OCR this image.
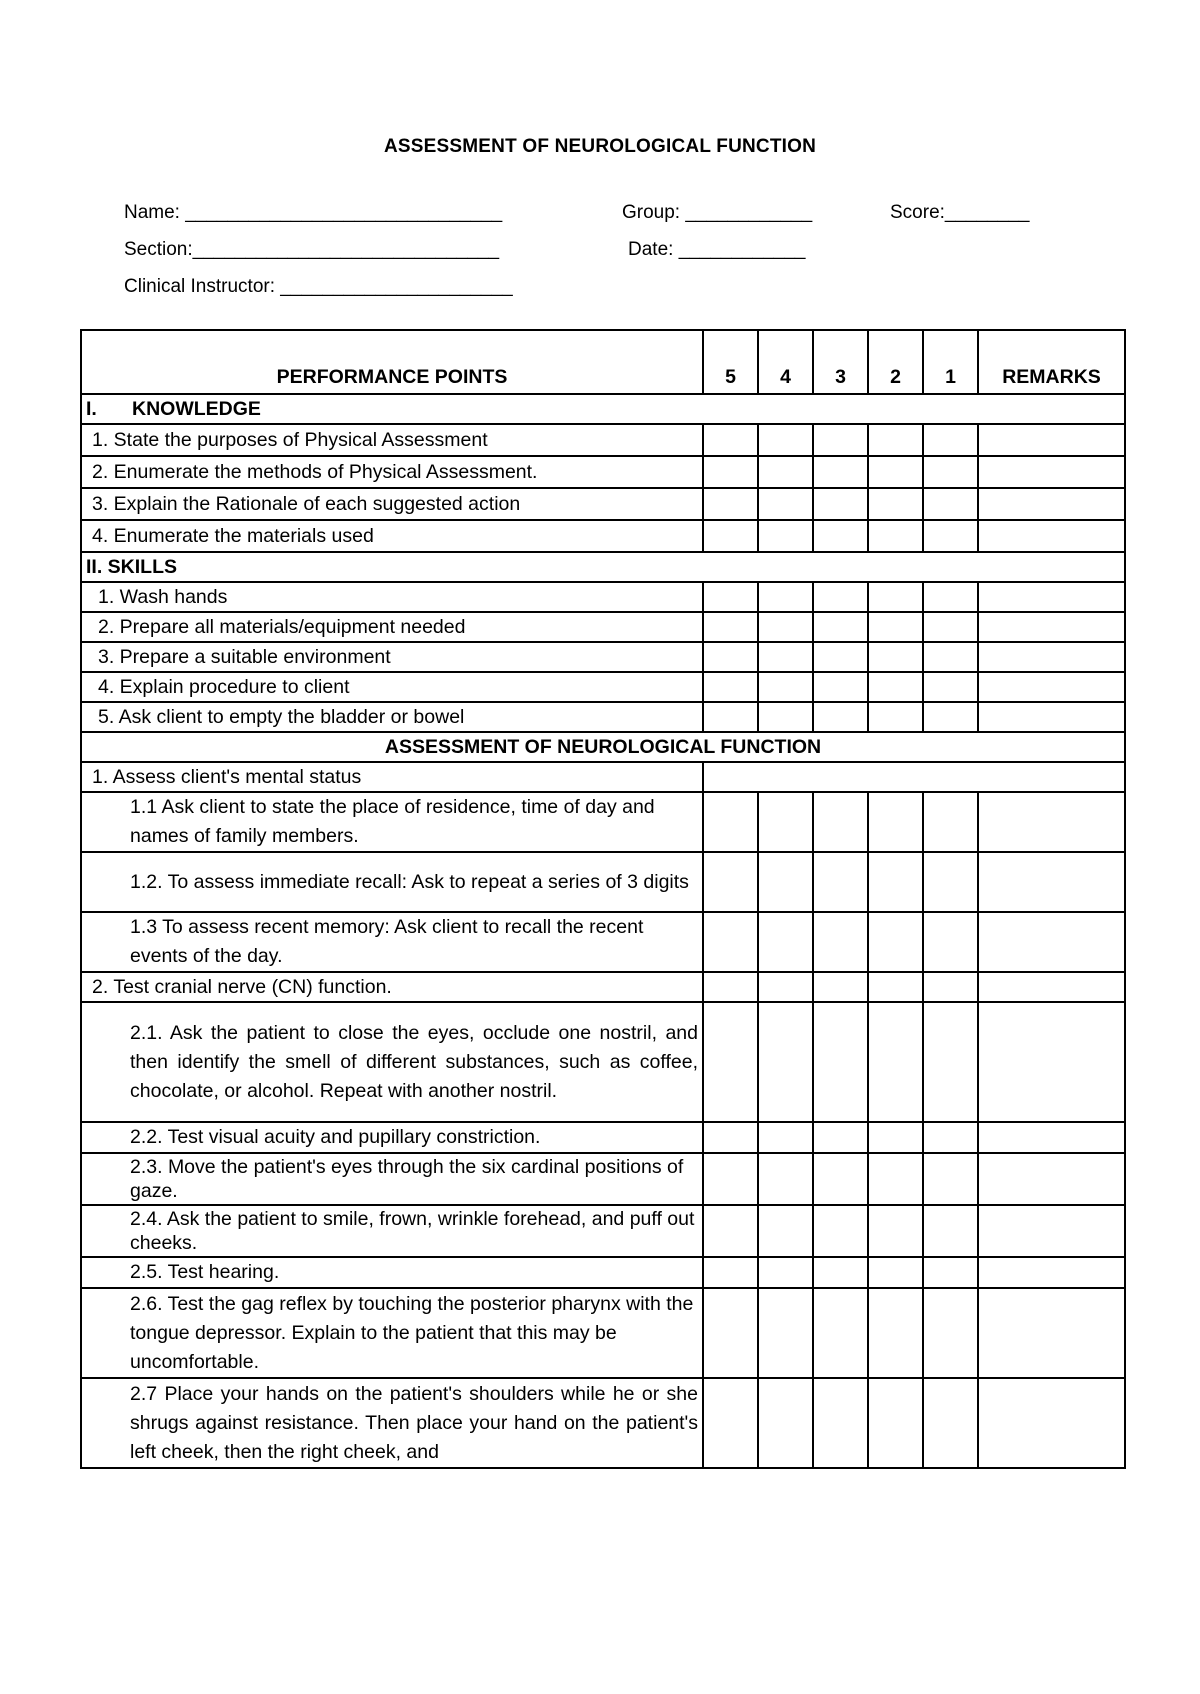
ASSESSMENT OF NEUROLOGICAL FUNCTION
Name: ______________________________	Group: ____________	Score:________
Section:_____________________________	Date: ____________
Clinical Instructor: ______________________
PERFORMANCE POINTS	5	4	3	2	1	REMARKS
I. KNOWLEDGE						
1. State the purposes of Physical Assessment						
2. Enumerate the methods of Physical Assessment.						
3. Explain the Rationale of each suggested action						
4. Enumerate the materials used						
II. SKILLS						
1. Wash hands						
2. Prepare all materials/equipment needed						
3. Prepare a suitable environment						
4. Explain procedure to client						
5. Ask client to empty the bladder or bowel						
ASSESSMENT OF NEUROLOGICAL FUNCTION						
1. Assess client's mental status						
1.1 Ask client to state the place of residence, time of day and names of family members.						
1.2. To assess immediate recall: Ask to repeat a series of 3 digits						
1.3 To assess recent memory: Ask client to recall the recent events of the day.						
2. Test cranial nerve (CN) function.						
2.1. Ask the patient to close the eyes, occlude one nostril, and then identify the smell of different substances, such as coffee, chocolate, or alcohol. Repeat with another nostril.						
2.2. Test visual acuity and pupillary constriction.						
2.3. Move the patient's eyes through the six cardinal positions of gaze.						
2.4. Ask the patient to smile, frown, wrinkle forehead, and puff out cheeks.						
2.5. Test hearing.						
2.6. Test the gag reflex by touching the posterior pharynx with the tongue depressor. Explain to the patient that this may be uncomfortable.						
2.7 Place your hands on the patient's shoulders while he or she shrugs against resistance. Then place your hand on the patient's left cheek, then the right cheek, and						
